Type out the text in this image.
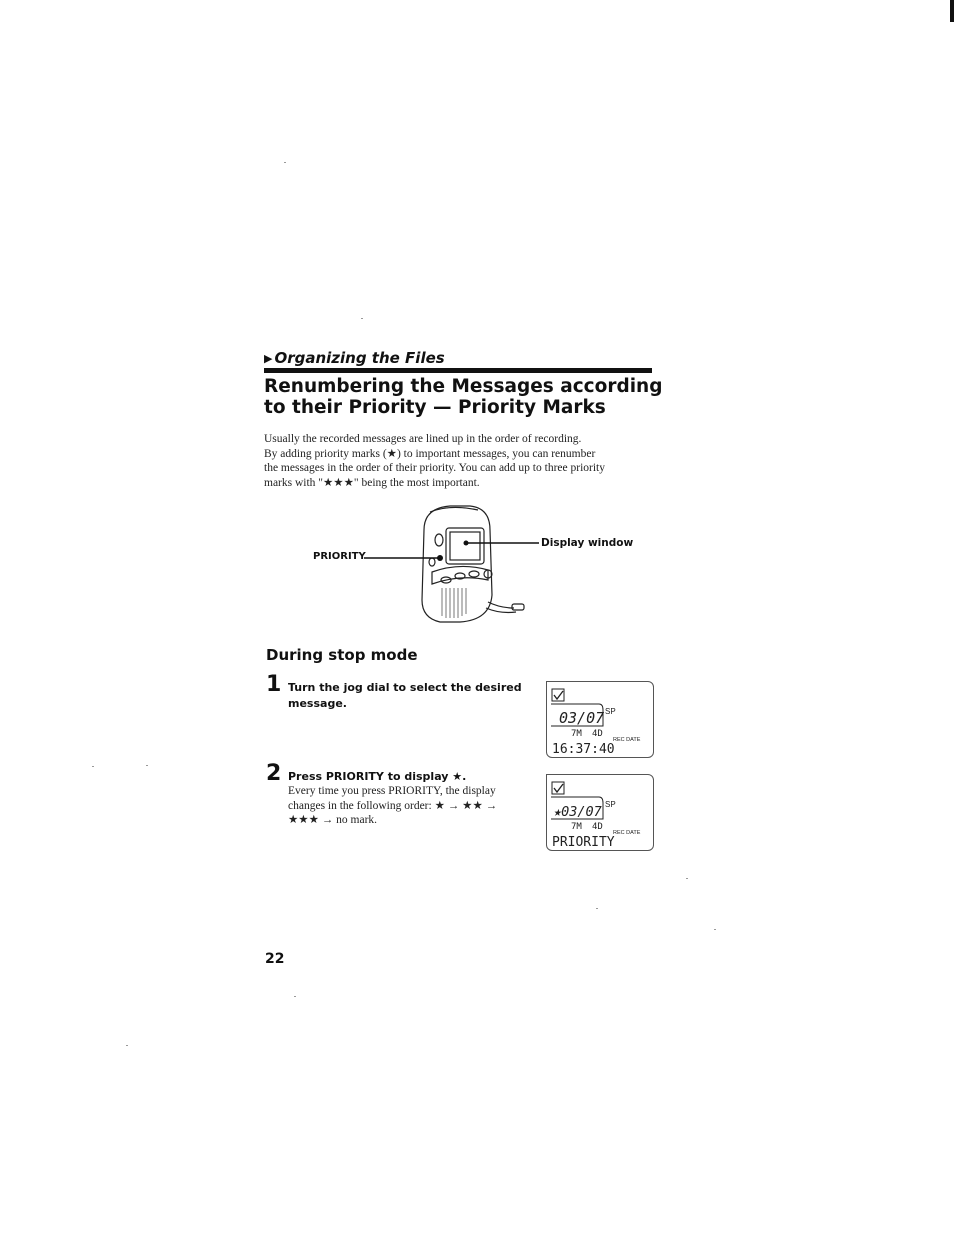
▶ Organizing the Files
Renumbering the Messages according
to their Priority — Priority Marks
Usually the recorded messages are lined up in the order of recording.
By adding priority marks (★) to important messages, you can renumber
the messages in the order of their priority. You can add up to three priority
marks with "★★★" being the most important.
PRIORITY
Display window
During stop mode
1 Turn the jog dial to select the desired
message.
2 Press PRIORITY to display ★.
Every time you press PRIORITY, the display
changes in the following order: ★ → ★★ →
★★★ → no mark.
03/07 SP
7M 4D
REC DATE
16:37:40
★03/07 SP
7M 4D
REC DATE
PRIORITY
22
